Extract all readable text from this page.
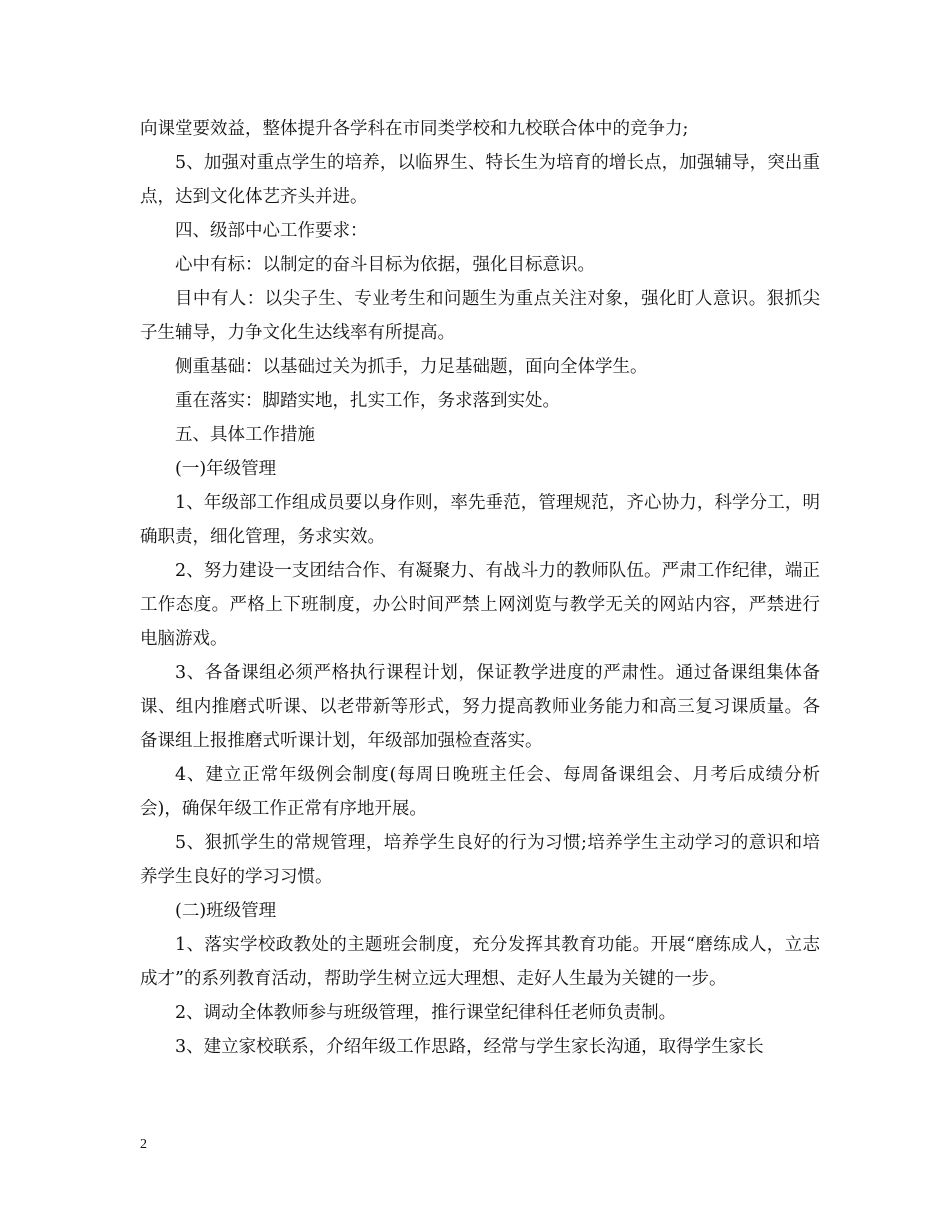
向课堂要效益，整体提升各学科在市同类学校和九校联合体中的竞争力;

5、加强对重点学生的培养，以临界生、特长生为培育的增长点，加强辅导，突出重点，达到文化体艺齐头并进。

四、级部中心工作要求：

心中有标：以制定的奋斗目标为依据，强化目标意识。

目中有人：以尖子生、专业考生和问题生为重点关注对象，强化盯人意识。狠抓尖子生辅导，力争文化生达线率有所提高。

侧重基础：以基础过关为抓手，力足基础题，面向全体学生。

重在落实：脚踏实地，扎实工作，务求落到实处。

五、具体工作措施

(一)年级管理

1、年级部工作组成员要以身作则，率先垂范，管理规范，齐心协力，科学分工，明确职责，细化管理，务求实效。

2、努力建设一支团结合作、有凝聚力、有战斗力的教师队伍。严肃工作纪律，端正工作态度。严格上下班制度，办公时间严禁上网浏览与教学无关的网站内容，严禁进行电脑游戏。

3、各备课组必须严格执行课程计划，保证教学进度的严肃性。通过备课组集体备课、组内推磨式听课、以老带新等形式，努力提高教师业务能力和高三复习课质量。各备课组上报推磨式听课计划，年级部加强检查落实。

4、建立正常年级例会制度(每周日晚班主任会、每周备课组会、月考后成绩分析会)，确保年级工作正常有序地开展。

5、狠抓学生的常规管理，培养学生良好的行为习惯;培养学生主动学习的意识和培养学生良好的学习习惯。

(二)班级管理

1、落实学校政教处的主题班会制度，充分发挥其教育功能。开展“磨练成人，立志成才”的系列教育活动，帮助学生树立远大理想、走好人生最为关键的一步。

2、调动全体教师参与班级管理，推行课堂纪律科任老师负责制。

3、建立家校联系，介绍年级工作思路，经常与学生家长沟通，取得学生家长

2
